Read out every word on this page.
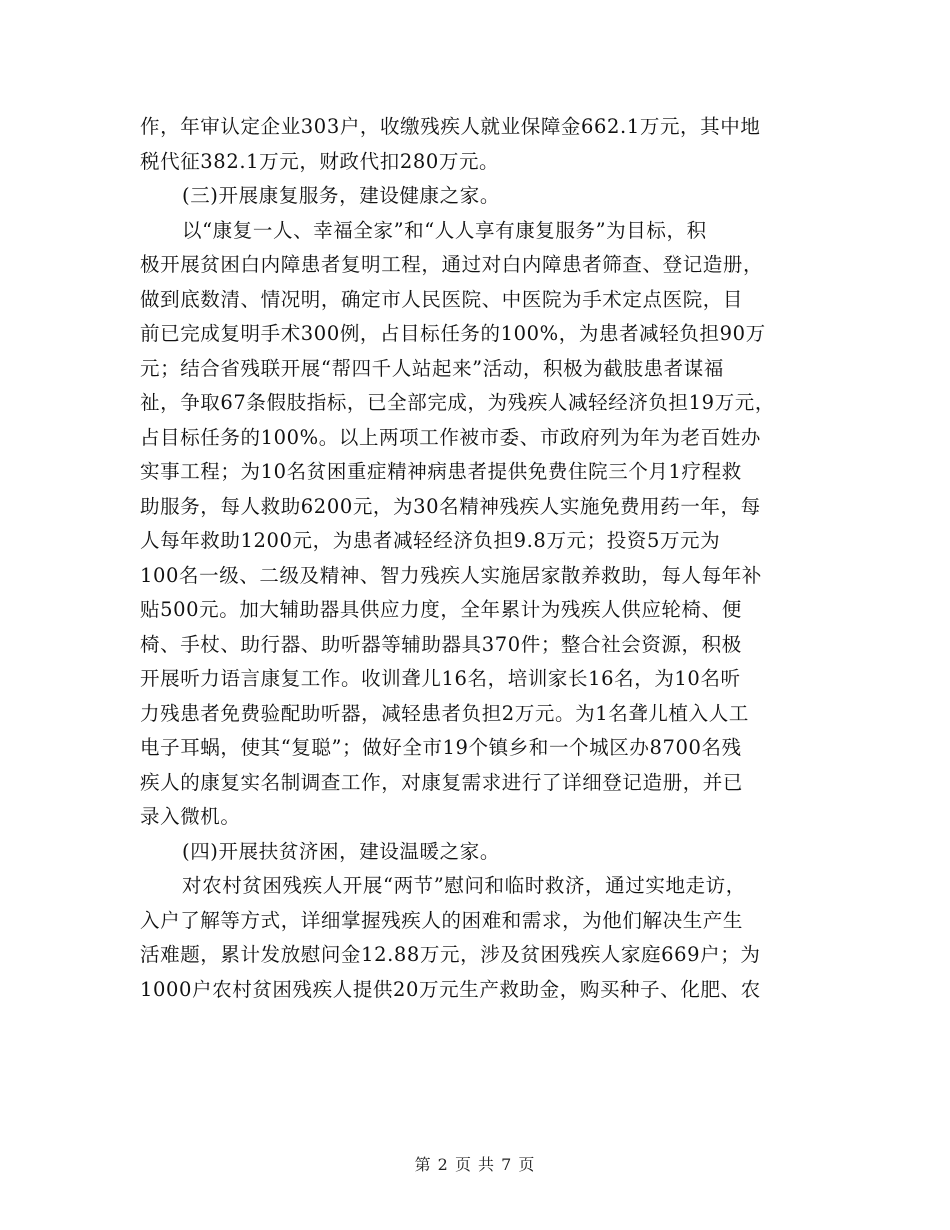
作，年审认定企业303户，收缴残疾人就业保障金662.1万元，其中地
税代征382.1万元，财政代扣280万元。
(三)开展康复服务，建设健康之家。
以“康复一人、幸福全家”和“人人享有康复服务”为目标，积
极开展贫困白内障患者复明工程，通过对白内障患者筛查、登记造册，
做到底数清、情况明，确定市人民医院、中医院为手术定点医院，目
前已完成复明手术300例，占目标任务的100%，为患者减轻负担90万
元；结合省残联开展“帮四千人站起来”活动，积极为截肢患者谋福
祉，争取67条假肢指标，已全部完成，为残疾人减轻经济负担19万元，
占目标任务的100%。以上两项工作被市委、市政府列为年为老百姓办
实事工程；为10名贫困重症精神病患者提供免费住院三个月1疗程救
助服务，每人救助6200元，为30名精神残疾人实施免费用药一年，每
人每年救助1200元，为患者减轻经济负担9.8万元；投资5万元为
100名一级、二级及精神、智力残疾人实施居家散养救助，每人每年补
贴500元。加大辅助器具供应力度，全年累计为残疾人供应轮椅、便
椅、手杖、助行器、助听器等辅助器具370件；整合社会资源，积极
开展听力语言康复工作。收训聋儿16名，培训家长16名，为10名听
力残患者免费验配助听器，减轻患者负担2万元。为1名聋儿植入人工
电子耳蜗，使其“复聪”；做好全市19个镇乡和一个城区办8700名残
疾人的康复实名制调查工作，对康复需求进行了详细登记造册，并已
录入微机。
(四)开展扶贫济困，建设温暖之家。
对农村贫困残疾人开展“两节”慰问和临时救济，通过实地走访，
入户了解等方式，详细掌握残疾人的困难和需求，为他们解决生产生
活难题，累计发放慰问金12.88万元，涉及贫困残疾人家庭669户；为
1000户农村贫困残疾人提供20万元生产救助金，购买种子、化肥、农
第 2 页 共 7 页
